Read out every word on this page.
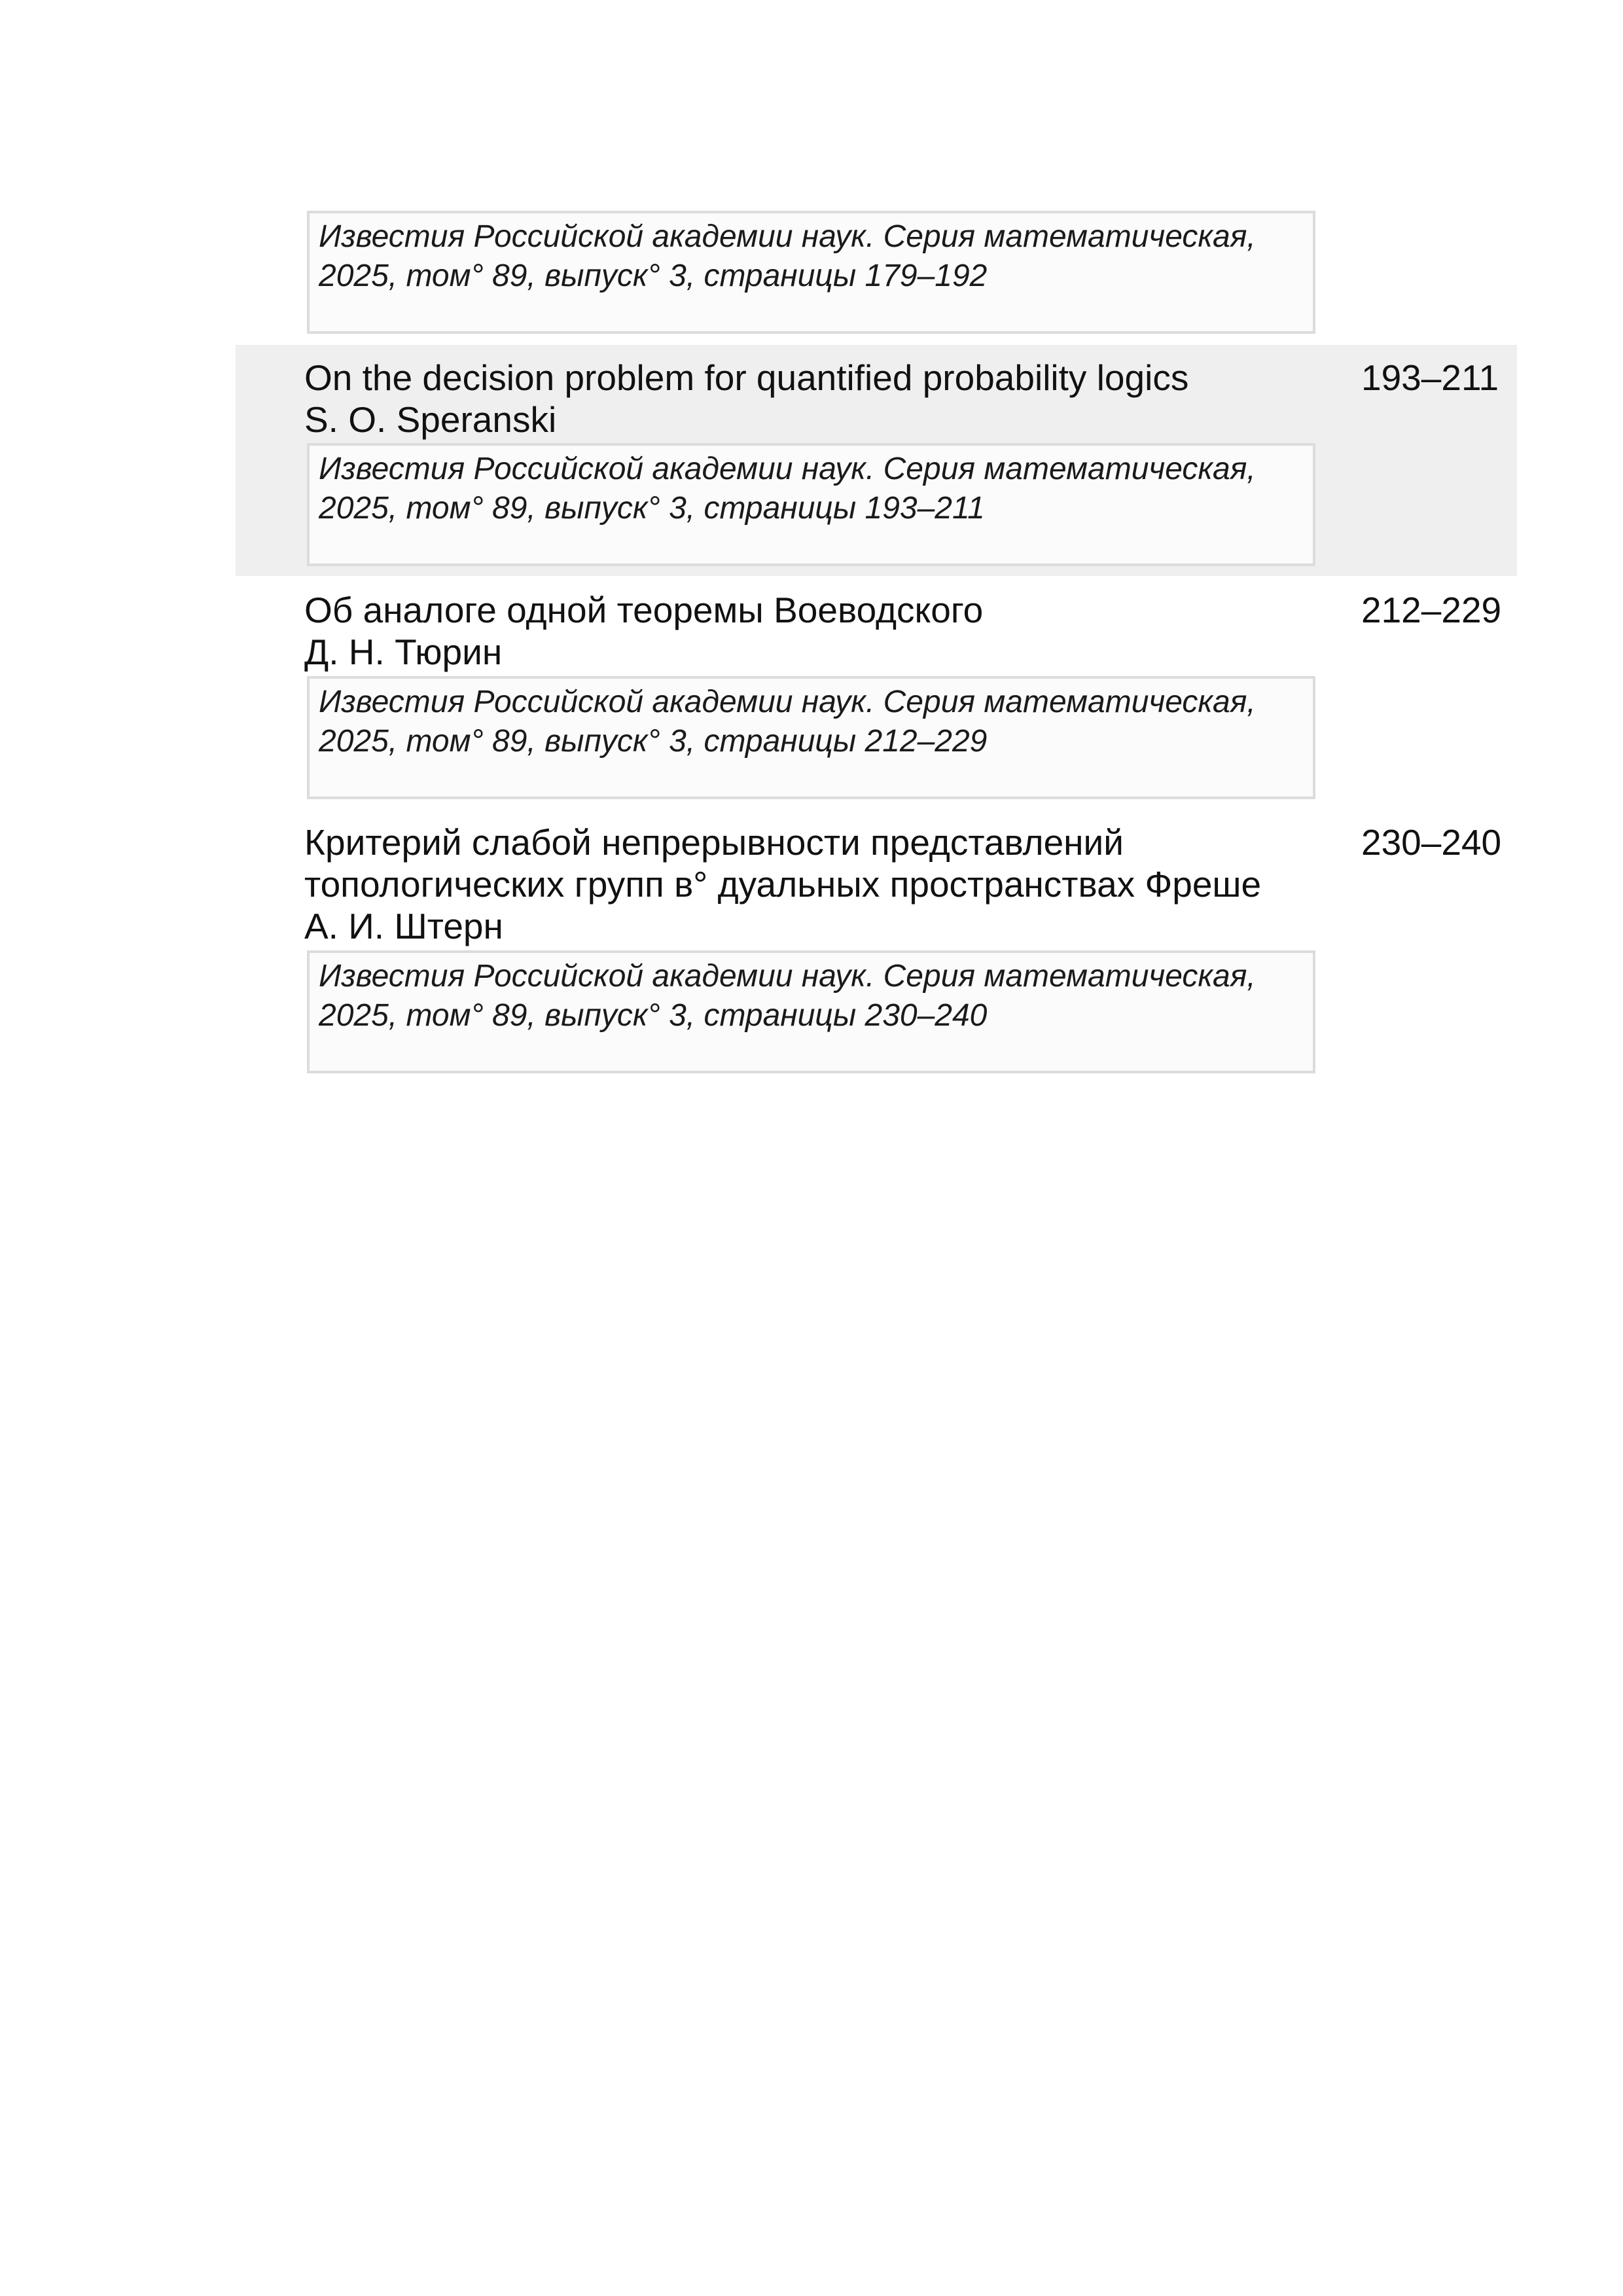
Известия Российской академии наук. Серия математическая,
2025, том° 89, выпуск° 3, страницы 179–192
On the decision problem for quantified probability logics
S. O. Speranski
193–211
Известия Российской академии наук. Серия математическая,
2025, том° 89, выпуск° 3, страницы 193–211
Об аналоге одной теоремы Воеводского
Д. Н. Тюрин
212–229
Известия Российской академии наук. Серия математическая,
2025, том° 89, выпуск° 3, страницы 212–229
Критерий слабой непрерывности представлений
топологических групп в° дуальных пространствах Фреше
А. И. Штерн
230–240
Известия Российской академии наук. Серия математическая,
2025, том° 89, выпуск° 3, страницы 230–240
